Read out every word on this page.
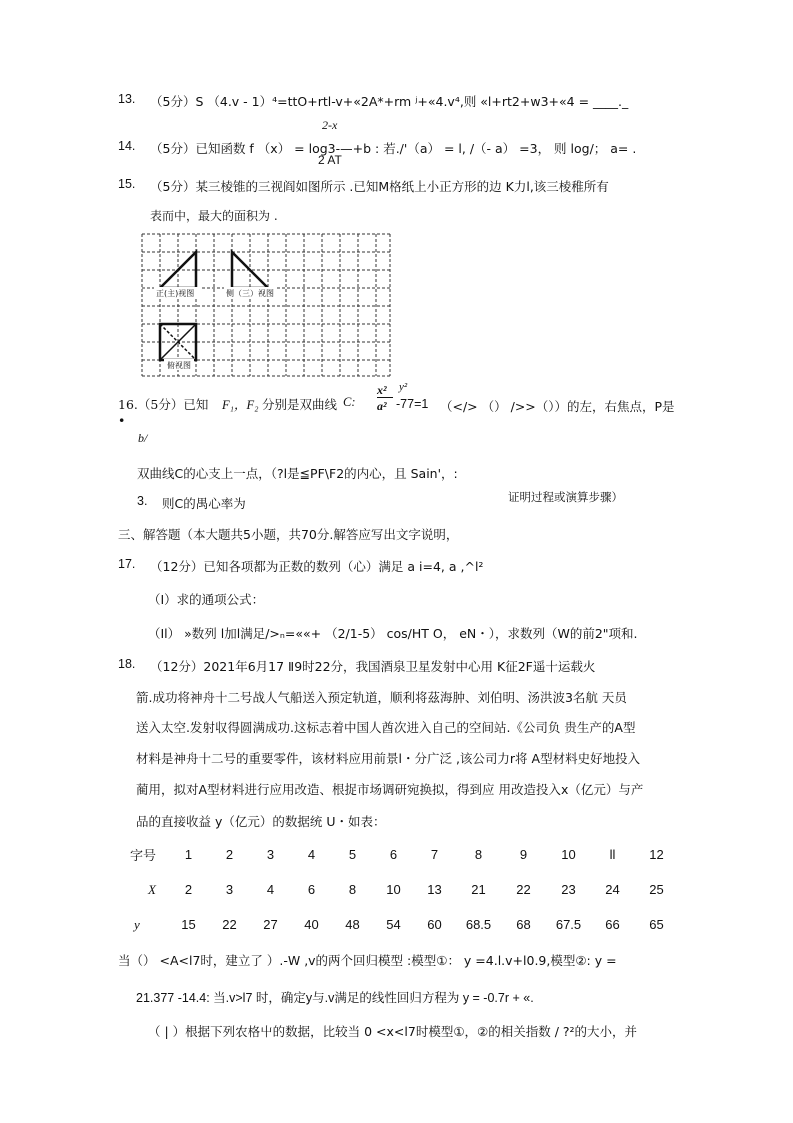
13. （5分）S （4.v - 1）⁴=ttO+rtl-v+«2A*+rm ʲ+«4.v⁴,则 «l+rt2+w3+«4 = ____._
2-x
14. （5分）已知函数 f （x） = log3-—+b : 若./'（a） = l, /（- a） =3， 则 log/； a= .
2 AT
15. （5分）某三棱锥的三视阎如图所示 .已知M格纸上小正方形的边 K力l,该三棱稚所有
表而中，最大的面积为 .
正(主)视图	侧（三）视图
俯视图
16.（5分）已知 F₁，F₂ 分别是双曲线 C:
x² y²
a² -77=1 （</> （） />>（））的左，右焦点，P是
•
b/
双曲线C的心支上一点，（?l是≦PF\F2的内心，且 Sain'，:
3. 则C的禺心率为	证明过程或演算步骤）
三、解答题（本大题共5小题，共70分.解答应写出文字说明，
17. （12分）已知各项都为正数的数列（心）满足 a i=4, a ,^l²
（I）求的通项公式：
（Il） »数列 l加l满足/>ₙ=««+ （2/1-5） cos/HT O， eN・），求数列（W的前2"项和.
18. （12分）2021年6月17 Ⅱ9时22分，我国酒泉卫星发射中心用 K征2F遥十运载火
箭.成功将神舟十二号战人气船送入预定轨道，顺利将茲海肿、刘伯明、汤洪波3名航 天员
送入太空.发射収得圆满成功.这标志着中国人酋次进入自己的空间站.《公司负 贵生产的A型
材料是神舟十二号的重要零件，该材料应用前景l・分广泛 ,该公司力r将 A型材料史好地投入
蔺用，拟对A型材料进行应用改造、根捉市场调研宛换拟，得到应 用改造投入x（亿元）与产
品的直接收益 y（亿元）的数据统 U・如表：
字号	1	2	3	4	5	6	7	8	9	10	ll	12
X	2	3	4	6	8	10	13	21	22	23	24	25
y	15	22	27	40	48	54	60	68.5	68	67.5	66	65
当（） <A<l7时，建立了 ）.-W ,v的两个回归模型 :模型①： y =4.l.v+l0.9,模型②: y =
21.377 -14.4: 当.v>l7 时，确定y与.v满足的线性回归方程为 y = -0.7r + «.
（ | ）根据下列农格屮的数据，比较当 0 <x<l7时模型①，②的相关指数 / ?²的大小，并
